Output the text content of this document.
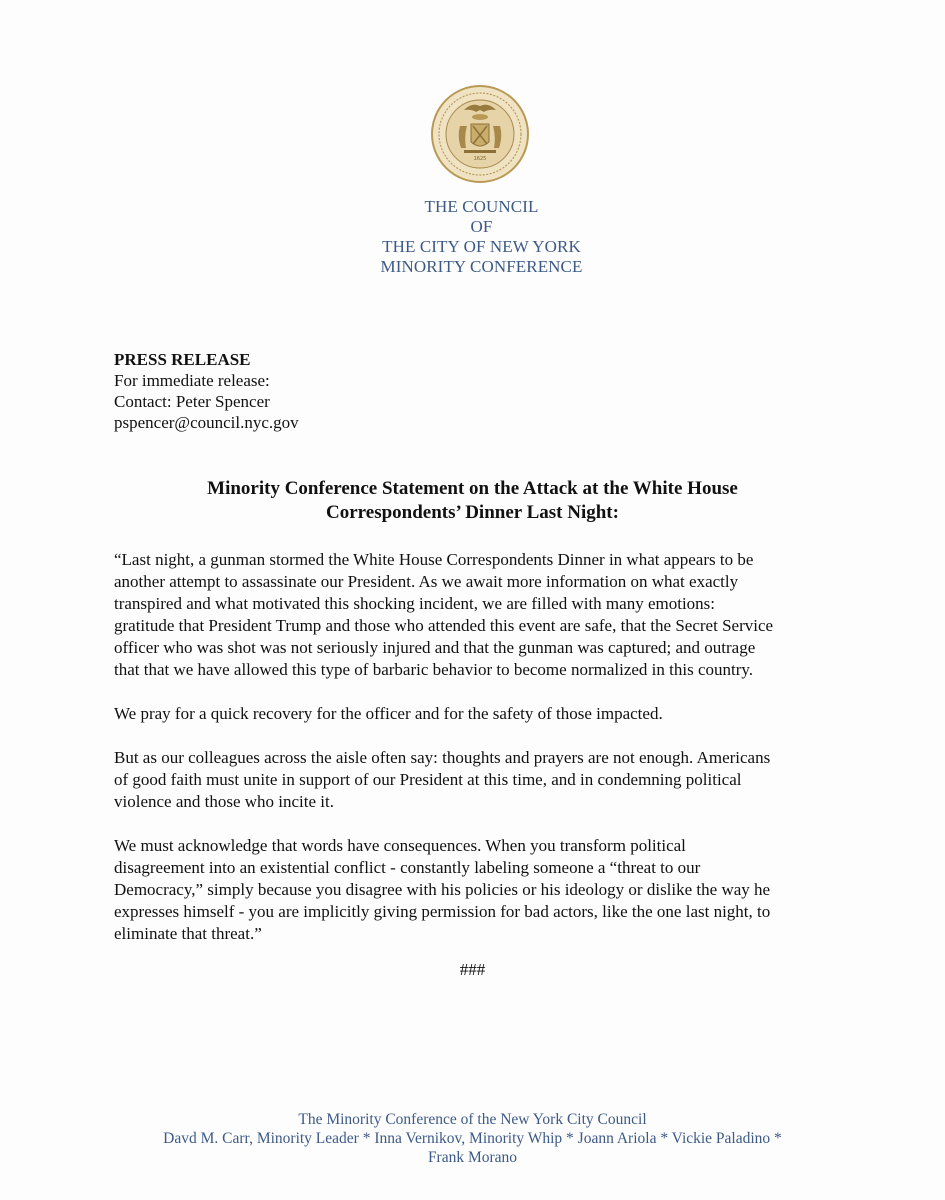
1625
THE COUNCIL
OF
THE CITY OF NEW YORK
MINORITY CONFERENCE
PRESS RELEASE
For immediate release:
Contact: Peter Spencer
pspencer@council.nyc.gov
Minority Conference Statement on the Attack at the White House
Correspondents’ Dinner Last Night:

“Last night, a gunman stormed the White House Correspondents Dinner in what appears to be
another attempt to assassinate our President. As we await more information on what exactly
transpired and what motivated this shocking incident, we are filled with many emotions:
gratitude that President Trump and those who attended this event are safe, that the Secret Service
officer who was shot was not seriously injured and that the gunman was captured; and outrage
that that we have allowed this type of barbaric behavior to become normalized in this country.

We pray for a quick recovery for the officer and for the safety of those impacted.

But as our colleagues across the aisle often say: thoughts and prayers are not enough. Americans
of good faith must unite in support of our President at this time, and in condemning political
violence and those who incite it.

We must acknowledge that words have consequences. When you transform political
disagreement into an existential conflict - constantly labeling someone a “threat to our
Democracy,” simply because you disagree with his policies or his ideology or dislike the way he
expresses himself - you are implicitly giving permission for bad actors, like the one last night, to
eliminate that threat.”

###
The Minority Conference of the New York City Council
Davd M. Carr, Minority Leader * Inna Vernikov, Minority Whip * Joann Ariola * Vickie Paladino *
Frank Morano
